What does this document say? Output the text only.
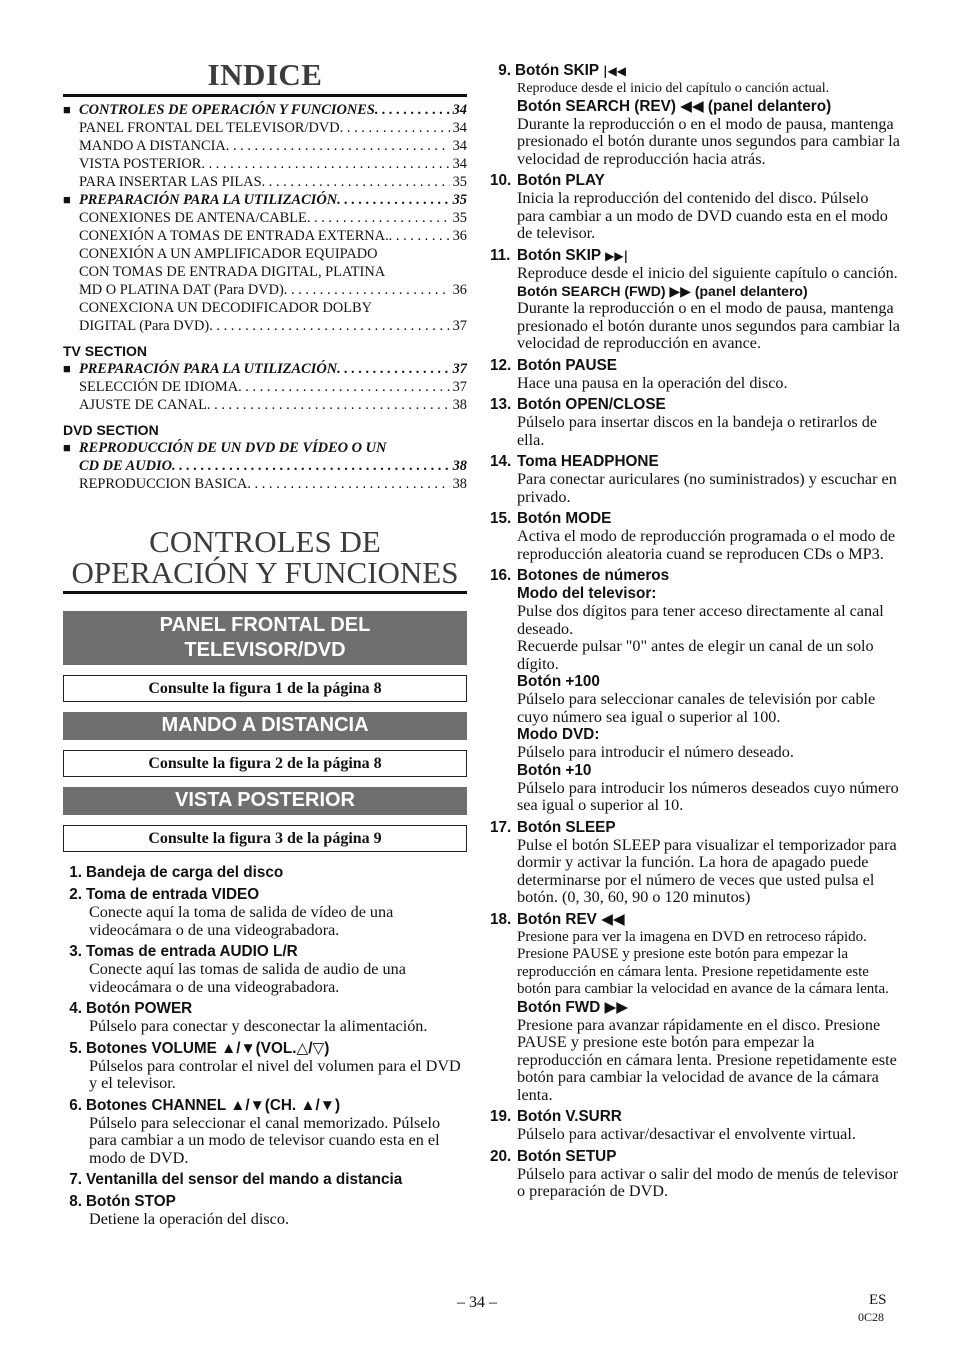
INDICE
■ CONTROLES DE OPERACIÓN Y FUNCIONES . . .	34
PANEL FRONTAL DEL TELEVISOR/DVD . . .	34
MANDO A DISTANCIA . . .	34
VISTA POSTERIOR . . .	34
PARA INSERTAR LAS PILAS . . .	35
■ PREPARACIÓN PARA LA UTILIZACIÓN . . .	35
CONEXIONES DE ANTENA/CABLE . . .	35
CONEXIÓN A TOMAS DE ENTRADA EXTERNA. . . .	36
CONEXIÓN A UN AMPLIFICADOR EQUIPADO
CON TOMAS DE ENTRADA DIGITAL, PLATINA
MD O PLATINA DAT (Para DVD) . . .	36
CONEXCIONA UN DECODIFICADOR DOLBY
DIGITAL (Para DVD) . . .	37
TV SECTION
■ PREPARACIÓN PARA LA UTILIZACIÓN . . .	37
SELECCIÓN DE IDIOMA . . .	37
AJUSTE DE CANAL . . .	38
DVD SECTION
■ REPRODUCCIÓN DE UN DVD DE VÍDEO O UN
CD DE AUDIO . . .	38
REPRODUCCION BASICA . . .	38
CONTROLES DE
OPERACIÓN Y FUNCIONES
PANEL FRONTAL DEL
TELEVISOR/DVD
Consulte la figura 1 de la página 8
MANDO A DISTANCIA
Consulte la figura 2 de la página 8
VISTA POSTERIOR
Consulte la figura 3 de la página 9
1. Bandeja de carga del disco
2. Toma de entrada VIDEO
Conecte aquí la toma de salida de vídeo de una videocámara o de una videograbadora.
3. Tomas de entrada AUDIO L/R
Conecte aquí las tomas de salida de audio de una videocámara o de una videograbadora.
4. Botón POWER
Púlselo para conectar y desconectar la alimentación.
5. Botones VOLUME ▲/▼(VOL.△/▽)
Púlselos para controlar el nivel del volumen para el DVD y el televisor.
6. Botones CHANNEL ▲/▼(CH. ▲/▼)
Púlselo para seleccionar el canal memorizado. Púlselo para cambiar a un modo de televisor cuando esta en el modo de DVD.
7. Ventanilla del sensor del mando a distancia
8. Botón STOP
Detiene la operación del disco.
9. Botón SKIP |◀◀
Reproduce desde el inicio del capítulo o canción actual.
Botón SEARCH (REV) ◀◀ (panel delantero)
Durante la reproducción o en el modo de pausa, mantenga presionado el botón durante unos segundos para cambiar la velocidad de reproducción hacia atrás.
10. Botón PLAY
Inicia la reproducción del contenido del disco. Púlselo para cambiar a un modo de DVD cuando esta en el modo de televisor.
11. Botón SKIP ▶▶|
Reproduce desde el inicio del siguiente capítulo o canción.
Botón SEARCH (FWD) ▶▶ (panel delantero)
Durante la reproducción o en el modo de pausa, mantenga presionado el botón durante unos segundos para cambiar la velocidad de reproducción en avance.
12. Botón PAUSE
Hace una pausa en la operación del disco.
13. Botón OPEN/CLOSE
Púlselo para insertar discos en la bandeja o retirarlos de ella.
14. Toma HEADPHONE
Para conectar auriculares (no suministrados) y escuchar en privado.
15. Botón MODE
Activa el modo de reproducción programada o el modo de reproducción aleatoria cuand se reproducen CDs o MP3.
16. Botones de números
Modo del televisor:
Pulse dos dígitos para tener acceso directamente al canal deseado.
Recuerde pulsar "0" antes de elegir un canal de un solo dígito.
Botón +100
Púlselo para seleccionar canales de televisión por cable cuyo número sea igual o superior al 100.
Modo DVD:
Púlselo para introducir el número deseado.
Botón +10
Púlselo para introducir los números deseados cuyo número sea igual o superior al 10.
17. Botón SLEEP
Pulse el botón SLEEP para visualizar el temporizador para dormir y activar la función. La hora de apagado puede determinarse por el número de veces que usted pulsa el botón. (0, 30, 60, 90 o 120 minutos)
18. Botón REV ◀◀
Presione para ver la imagena en DVD en retroceso rápido. Presione PAUSE y presione este botón para empezar la reproducción en cámara lenta. Presione repetidamente este botón para cambiar la velocidad en avance de la cámara lenta.
Botón FWD ▶▶
Presione para avanzar rápidamente en el disco. Presione PAUSE y presione este botón para empezar la reproducción en cámara lenta. Presione repetidamente este botón para cambiar la velocidad de avance de la cámara lenta.
19. Botón V.SURR
Púlselo para activar/desactivar el envolvente virtual.
20. Botón SETUP
Púlselo para activar o salir del modo de menús de televisor o preparación de DVD.
– 34 –	ES
0C28
